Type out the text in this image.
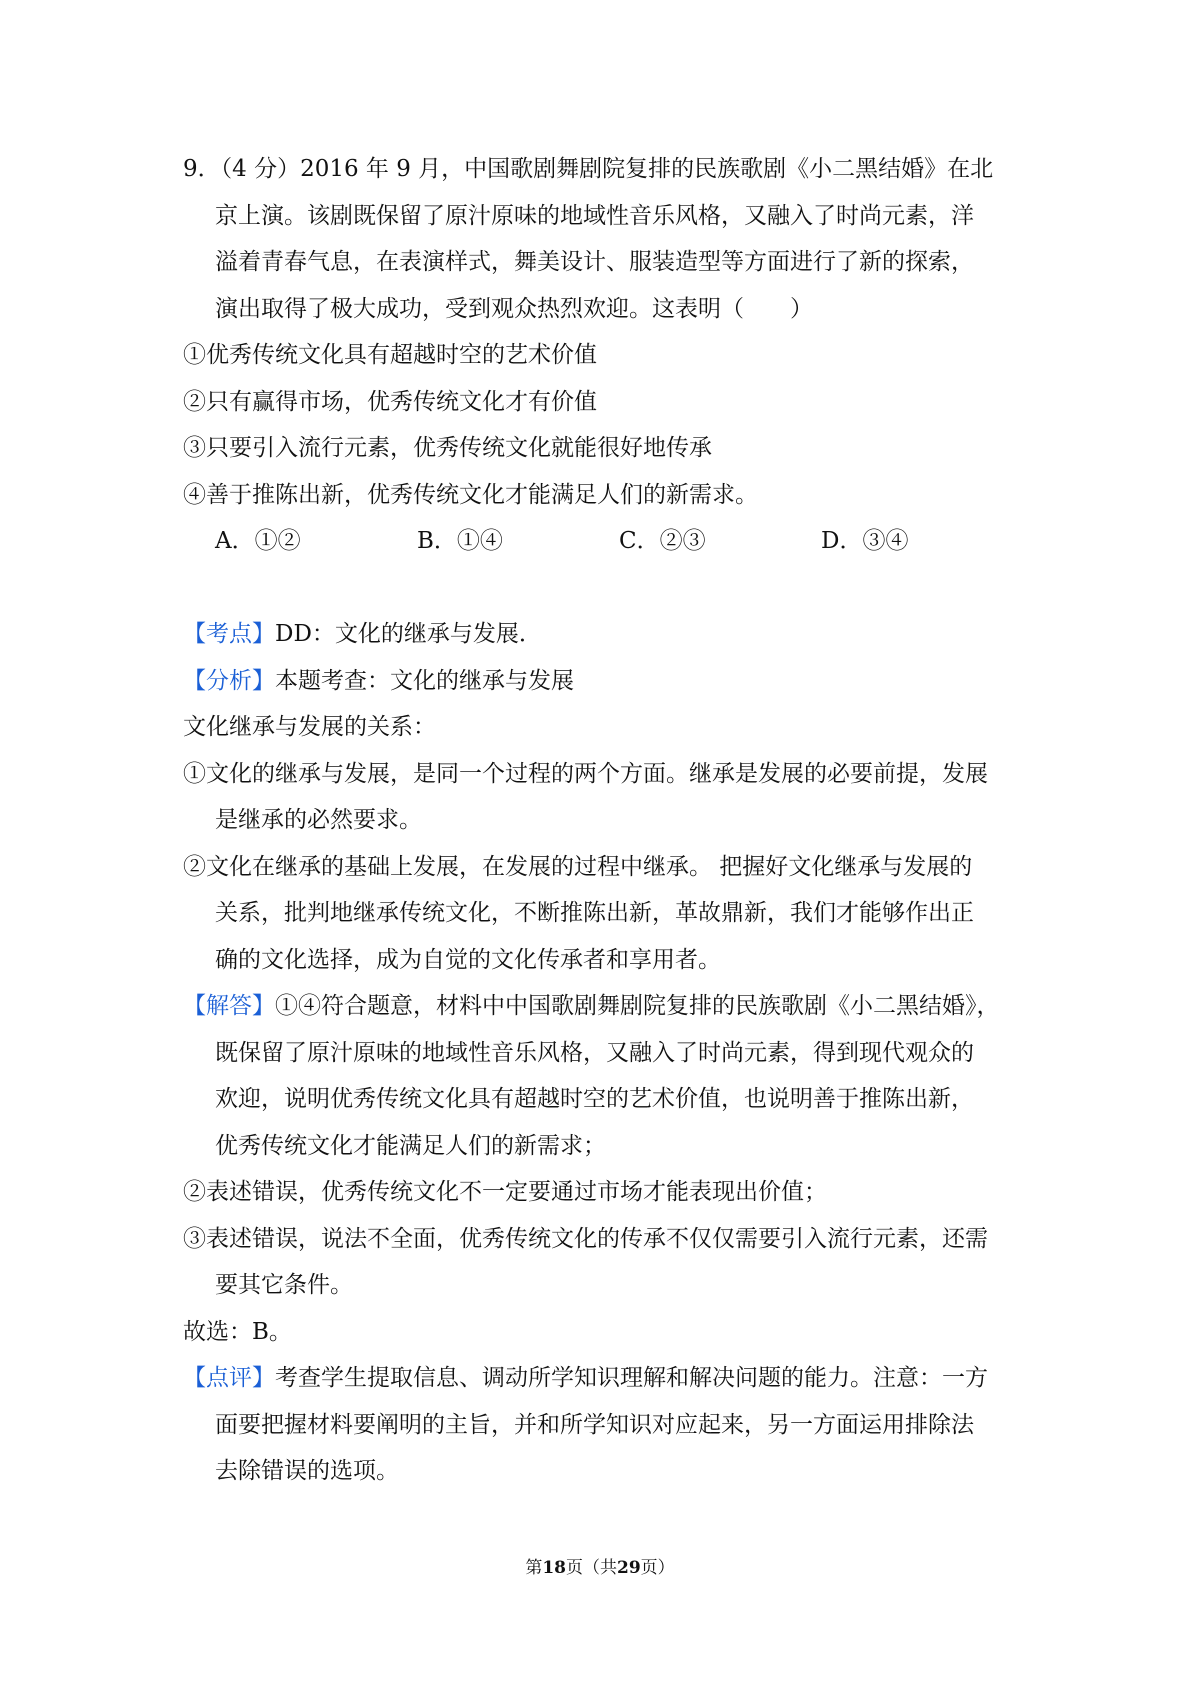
9．（4 分）2016 年 9 月，中国歌剧舞剧院复排的民族歌剧《小二黑结婚》在北
京上演。该剧既保留了原汁原味的地域性音乐风格，又融入了时尚元素，洋
溢着青春气息，在表演样式，舞美设计、服装造型等方面进行了新的探索，
演出取得了极大成功，受到观众热烈欢迎。这表明（　　）
①优秀传统文化具有超越时空的艺术价值
②只有赢得市场，优秀传统文化才有价值
③只要引入流行元素，优秀传统文化就能很好地传承
④善于推陈出新，优秀传统文化才能满足人们的新需求。
A．①②	B．①④	C．②③	D．③④
【考点】DD：文化的继承与发展．
【分析】本题考查：文化的继承与发展
文化继承与发展的关系：
①文化的继承与发展，是同一个过程的两个方面。继承是发展的必要前提，发展
是继承的必然要求。
②文化在继承的基础上发展，在发展的过程中继承。 把握好文化继承与发展的
关系，批判地继承传统文化，不断推陈出新，革故鼎新，我们才能够作出正
确的文化选择，成为自觉的文化传承者和享用者。
【解答】①④符合题意，材料中中国歌剧舞剧院复排的民族歌剧《小二黑结婚》，
既保留了原汁原味的地域性音乐风格，又融入了时尚元素，得到现代观众的
欢迎，说明优秀传统文化具有超越时空的艺术价值，也说明善于推陈出新，
优秀传统文化才能满足人们的新需求；
②表述错误，优秀传统文化不一定要通过市场才能表现出价值；
③表述错误，说法不全面，优秀传统文化的传承不仅仅需要引入流行元素，还需
要其它条件。
故选：B。
【点评】考查学生提取信息、调动所学知识理解和解决问题的能力。注意：一方
面要把握材料要阐明的主旨，并和所学知识对应起来，另一方面运用排除法
去除错误的选项。
第18页（共29页）
